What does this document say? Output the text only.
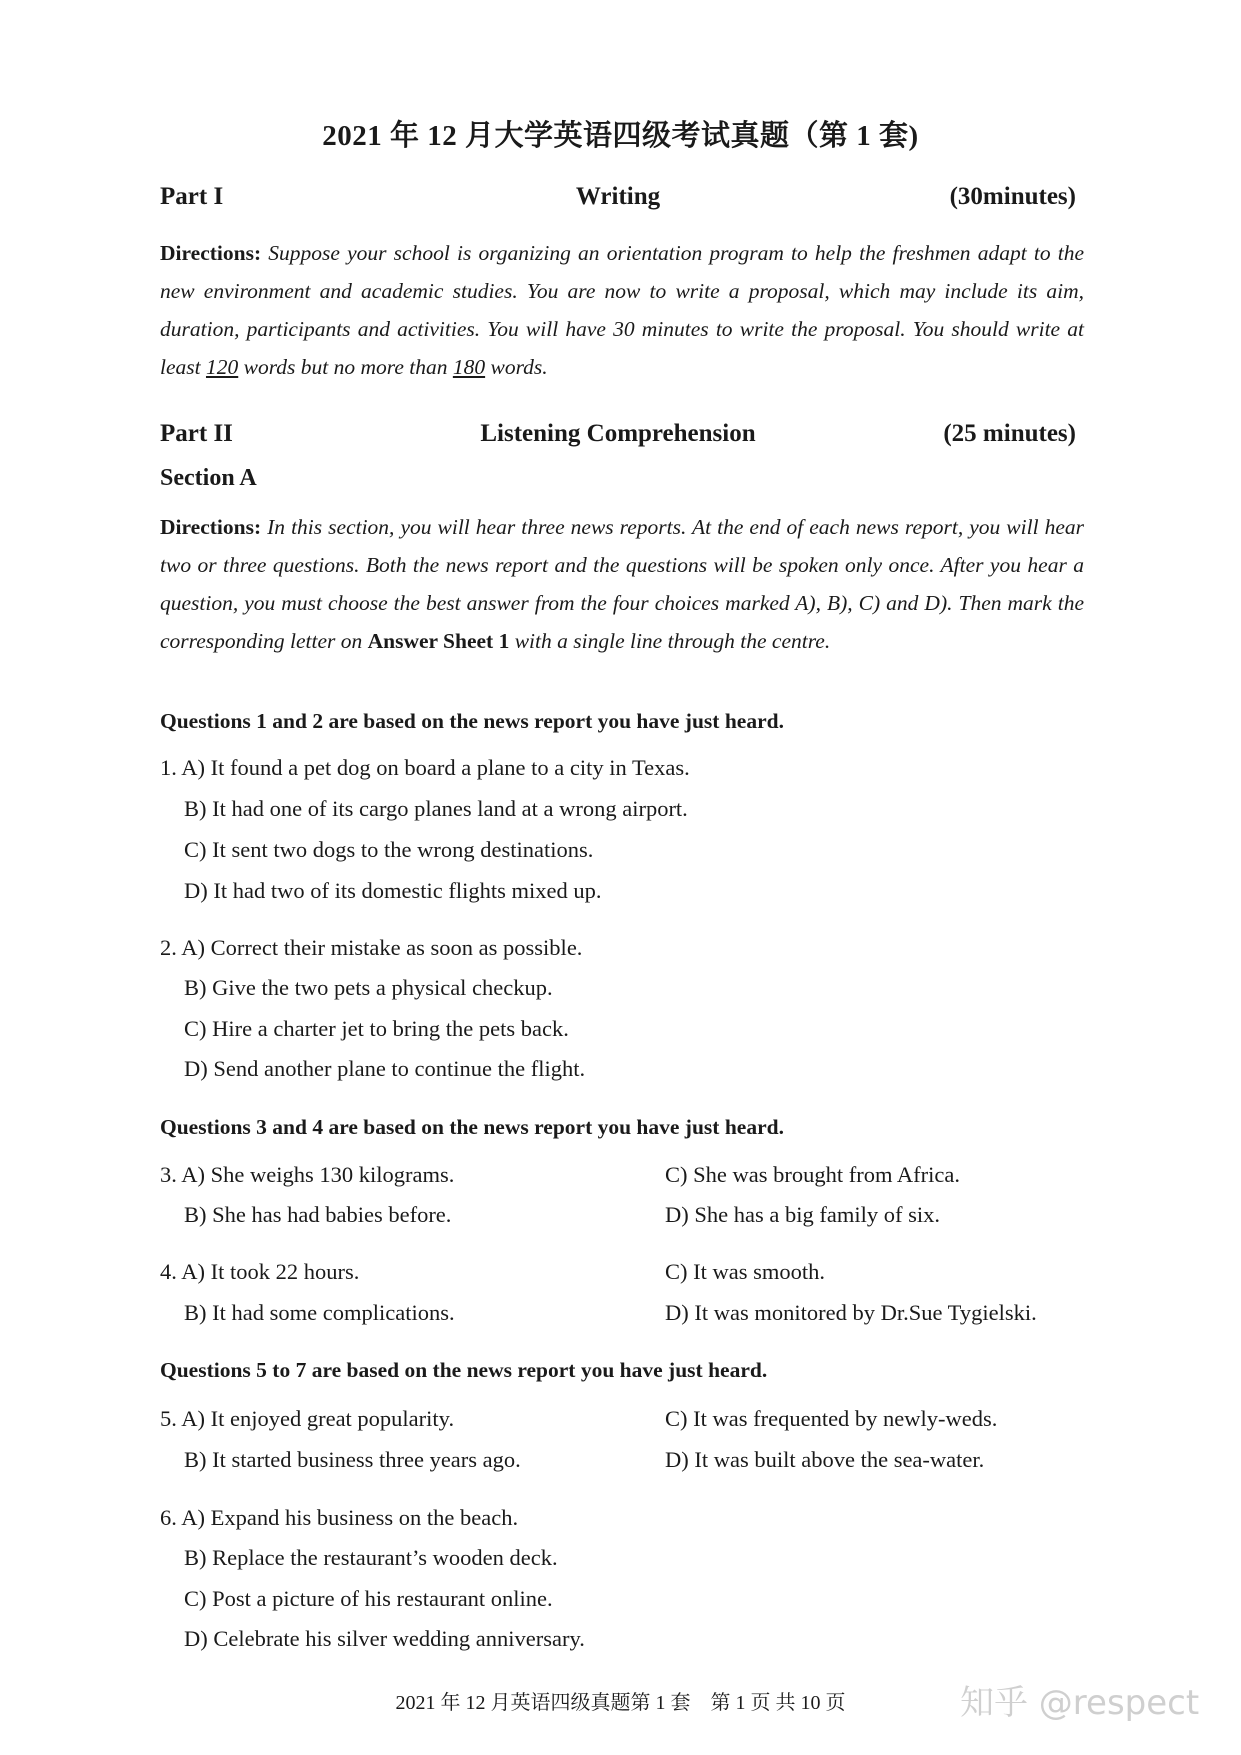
2021 年 12 月大学英语四级考试真题（第 1 套)
Part I	Writing	(30minutes)
Directions: Suppose your school is organizing an orientation program to help the freshmen adapt to the new environment and academic studies. You are now to write a proposal, which may include its aim, duration, participants and activities. You will have 30 minutes to write the proposal. You should write at least 120 words but no more than 180 words.
Part II	Listening Comprehension	(25 minutes)
Section A
Directions: In this section, you will hear three news reports. At the end of each news report, you will hear two or three questions. Both the news report and the questions will be spoken only once. After you hear a question, you must choose the best answer from the four choices marked A), B), C) and D). Then mark the corresponding letter on Answer Sheet 1 with a single line through the centre.
Questions 1 and 2 are based on the news report you have just heard.
1. A) It found a pet dog on board a plane to a city in Texas.
B) It had one of its cargo planes land at a wrong airport.
C) It sent two dogs to the wrong destinations.
D) It had two of its domestic flights mixed up.
2. A) Correct their mistake as soon as possible.
B) Give the two pets a physical checkup.
C) Hire a charter jet to bring the pets back.
D) Send another plane to continue the flight.
Questions 3 and 4 are based on the news report you have just heard.
3. A) She weighs 130 kilograms.	C) She was brought from Africa.
B) She has had babies before.	D) She has a big family of six.
4. A) It took 22 hours.	C) It was smooth.
B) It had some complications.	D) It was monitored by Dr.Sue Tygielski.
Questions 5 to 7 are based on the news report you have just heard.
5. A) It enjoyed great popularity.	C) It was frequented by newly-weds.
B) It started business three years ago.	D) It was built above the sea-water.
6. A) Expand his business on the beach.
B) Replace the restaurant’s wooden deck.
C) Post a picture of his restaurant online.
D) Celebrate his silver wedding anniversary.
2021 年 12 月英语四级真题第 1 套　第 1 页 共 10 页	知乎 @respect
